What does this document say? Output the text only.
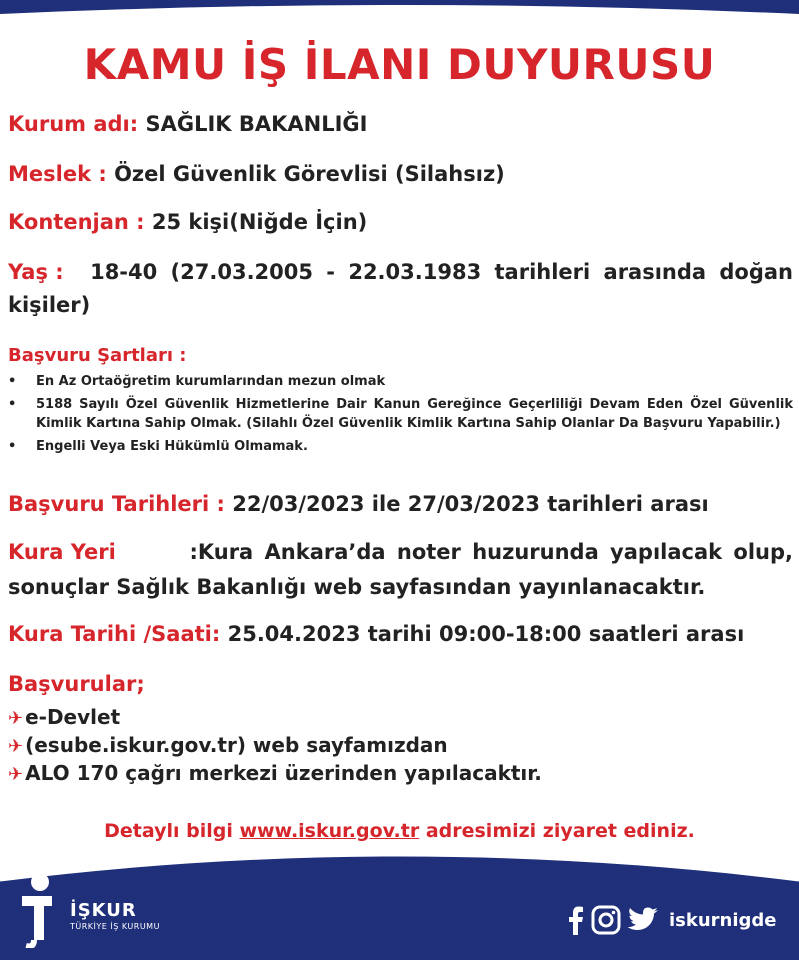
KAMU İŞ İLANI DUYURUSU
Kurum adı: SAĞLIK BAKANLIĞI
Meslek : Özel Güvenlik Görevlisi (Silahsız)
Kontenjan : 25 kişi(Niğde İçin)
Yaş : 18-40 (27.03.2005 - 22.03.1983 tarihleri arasında doğan
kişiler)
Başvuru Şartları :
•	En Az Ortaöğretim kurumlarından mezun olmak
•	5188 Sayılı Özel Güvenlik Hizmetlerine Dair Kanun Gereğince Geçerliliği Devam Eden Özel Güvenlik Kimlik Kartına Sahip Olmak. (Silahlı Özel Güvenlik Kimlik Kartına Sahip Olanlar Da Başvuru Yapabilir.)
•	Engelli Veya Eski Hükümlü Olmamak.
Başvuru Tarihleri : 22/03/2023 ile 27/03/2023 tarihleri arası
Kura Yeri	:Kura Ankara’da noter huzurunda yapılacak olup,
sonuçlar Sağlık Bakanlığı web sayfasından yayınlanacaktır.
Kura Tarihi /Saati: 25.04.2023 tarihi 09:00-18:00 saatleri arası
Başvurular;
✈ e-Devlet
✈ (esube.iskur.gov.tr) web sayfamızdan
✈ ALO 170 çağrı merkezi üzerinden yapılacaktır.
Detaylı bilgi www.iskur.gov.tr adresimizi ziyaret ediniz.
İŞKUR
TÜRKİYE İŞ KURUMU	iskurnigde
